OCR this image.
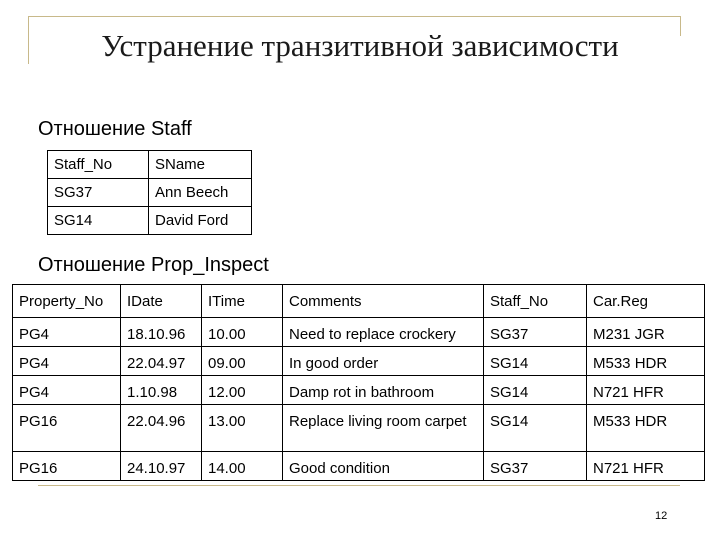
Устранение транзитивной зависимости
Отношение Staff
Staff_No	SName
SG37	Ann Beech
SG14	David Ford
Отношение Prop_Inspect
Property_No	IDate	ITime	Comments	Staff_No	Car.Reg
PG4	18.10.96	10.00	Need to replace crockery	SG37	M231 JGR
PG4	22.04.97	09.00	In good order	SG14	M533 HDR
PG4	1.10.98	12.00	Damp rot in bathroom	SG14	N721 HFR
PG16	22.04.96	13.00	Replace living room carpet	SG14	M533 HDR
PG16	24.10.97	14.00	Good condition	SG37	N721 HFR
12
